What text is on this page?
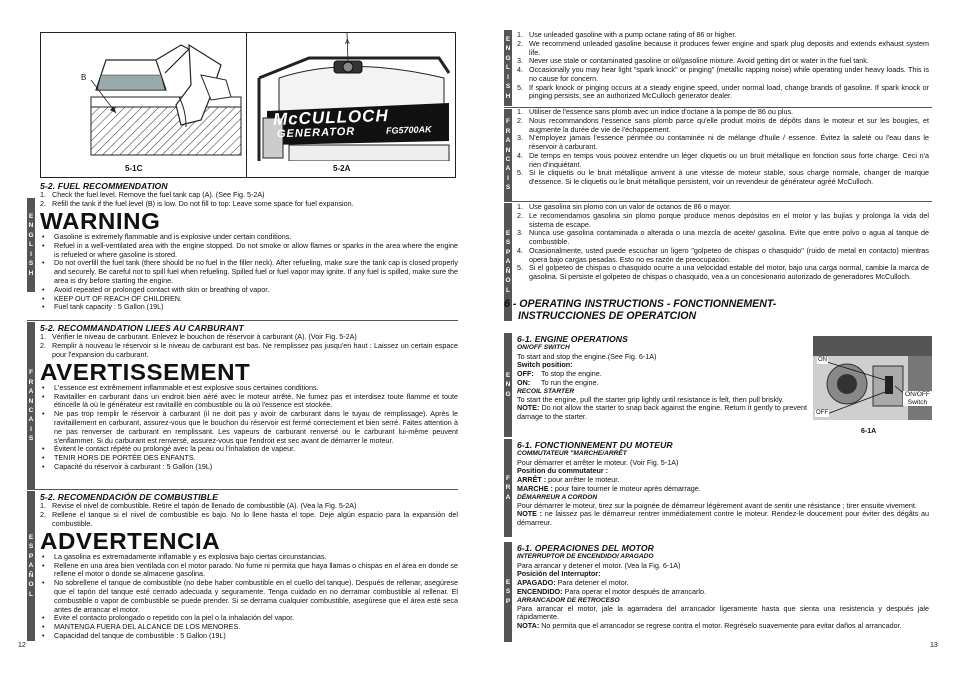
B
5-1C
A
McCULLOCH
GENERATOR	FG5700AK
5-2A
E
N
G
L
I
S
H
5-2. FUEL RECOMMENDATION
1. Check the fuel level. Remove the fuel tank cap (A). (See Fig. 5-2A)
2. Refill the tank if the fuel level (B) is low. Do not fill to top: Leave some space for fuel expansion.
WARNING
•	Gasoline is extremely flammable and is explosive under certain conditions.
•	Refuel in a well-ventilated area with the engine stopped. Do not smoke or allow flames or sparks in the area where the engine is refueled or where gasoline is stored.
•	Do not overfill the fuel tank (there should be no fuel in the filler neck). After refueling, make sure the tank cap is closed properly and securely. Be careful not to spill fuel when refueling. Spilled fuel or fuel vapor may ignite. If any fuel is spilled, make sure the area is dry before starting the engine.
•	Avoid repeated or prolonged contact with skin or breathing of vapor.
•	KEEP OUT OF REACH OF CHILDREN.
•	Fuel tank capacity : 5 Gallon (19L)
F
R
A
N
C
A
I
S
5-2. RECOMMANDATION LIEES AU CARBURANT
1. Vérifier le niveau de carburant. Enlevez le bouchon de réservoir à carburant (A). (Voir Fig. 5-2A)
2. Remplir à nouveau le réservoir si le niveau de carburant est bas. Ne remplissez pas jusqu'en haut : Laissez un certain espace pour l'expansion du carburant.
AVERTISSEMENT
•	L'essence est extrêmement inflammable et est explosive sous certaines conditions.
•	Ravitailler en carburant dans un endroit bien aéré avec le moteur arrêté. Ne fumez pas et interdisez toute flamme et toute étincelle là où le générateur est ravitaillé en combustible ou là où l'essence est stockée.
•	Ne pas trop remplir le réservoir à carburant (il ne doit pas y avoir de carburant dans le tuyau de remplissage). Après le ravitaillement en carburant, assurez-vous que le bouchon du réservoir est fermé correctement et bien serré. Faites attention à ne pas renverser de carburant en remplissant. Les vapeurs de carburant renversé ou le carburant lui-même peuvent s'enflammer. Si du carburant est renversé, assurez-vous que l'endroit est sec avant de démarrer le moteur.
•	Évitent le contact répété ou prolongé avec la peau ou l'inhalation de vapeur.
•	TENIR HORS DE PORTÉE DES ENFANTS.
•	Capacité du réservoir à carburant : 5 Gallon (19L)
E
S
P
A
Ñ
O
L
5-2. RECOMENDACIÓN DE COMBUSTIBLE
1. Revise el nivel de combustible. Retire el tapón de llenado de combustible (A). (Vea la Fig. 5-2A)
2. Rellene el tanque si el nivel de combustible es bajo. No lo llene hasta el tope. Deje algún espacio para la expansión del combustible.
ADVERTENCIA
•	La gasolina es extremadamente inflamable y es explosiva bajo ciertas circunstancias.
•	Rellene en una área bien ventilada con el motor parado. No fume ni permita que haya llamas o chispas en el área en donde se rellene el motor o donde se almacene gasolina.
•	No sobrellene el tanque de combustible (no debe haber combustible en el cuello del tanque). Después de rellenar, asegúrese que el tapón del tanque esté cerrado adecuada y seguramente. Tenga cuidado en no derramar combustible al rellenar. El combustible o vapor de combustible se puede prender. Si se derrama cualquier combustible, asegúrese que el área esté seca antes de arrancar el motor.
•	Evite el contacto prolongado o repetido con la piel o la inhalación del vapor.
•	MANTENGA FUERA DEL ALCANCE DE LOS MENORES.
•	Capacidad del tanque de combustible : 5 Gallon (19L)
12
E
N
G
L
I
S
H
1. Use unleaded gasoline with a pump octane rating of 86 or higher.
2. We recommend unleaded gasoline because it produces fewer engine and spark plug deposits and extends exhaust system life.
3. Never use stale or contaminated gasoline or oil/gasoline mixture. Avoid getting dirt or water in the fuel tank.
4. Occasionally you may hear light "spark knock" or pinging" (metallic rapping noise) while operating under heavy loads. This is no cause for concern.
5. If spark knock or pinging occurs at a steady engine speed, under normal load, change brands of gasoline. If spark knock or pinging persists, see an authorized McCulloch generator dealer.
F
R
A
N
C
A
I
S
1. Utiliser de l'essence sans plomb avec un indice d'octane à la pompe de 86 ou plus.
2. Nous recommandons l'essence sans plomb parce qu'elle produit moins de dépôts dans le moteur et sur les bougies, et augmente la durée de vie de l'échappement.
3. N'employez jamais l'essence périmée ou contaminée ni de mélange d'huile / essence. Évitez la saleté ou l'eau dans le réservoir à carburant.
4. De temps en temps vous pouvez entendre un léger cliquetis ou un bruit métallique en fonction sous forte charge. Ceci n'a rien d'inquiétant.
5. Si le cliquetis ou le bruit métallique arrivent à une vitesse de moteur stable, sous charge normale, changer de marque d'essence. Si le cliquetis ou le bruit métallique persistent, voir un revendeur de générateur agréé McCulloch.
E
S
P
A
Ñ
O
L
1. Use gasolina sin plomo con un valor de octanos de 86 o mayor.
2. Le recomendamos gasolina sin plomo porque produce menos depósitos en el motor y las bujías y prolonga la vida del sistema de escape.
3. Nunca use gasolina contaminada o alterada o una mezcla de aceite/ gasolina. Evite que entre polvo o agua al tanque de combustible.
4. Ocasionalmente, usted puede escuchar un ligero "golpeteo de chispas o chasquido" (ruido de metal en contacto) mientras opera bajo cargas pesadas. Esto no es razón de preocupación.
5. Si el golpeteo de chispas o chasquido ocurre a una velocidad estable del motor, bajo una carga normal, cambie la marca de gasolina. Si persiste el golpeteo de chispas o chasquido, vea a un concesionario autorizado de generadores McCulloch.
6 - OPERATING INSTRUCTIONS - FONCTIONNEMENT-
INSTRUCCIONES DE OPERATCION
E
N
G
6-1. ENGINE OPERATIONS
ON/OFF SWITCH
To start and stop the engine.(See Fig. 6-1A)
Switch position:
OFF: To stop the engine.
ON: To run the engine.
RECOIL STARTER
To start the engine, pull the starter grip lightly until resistance is felt, then pull briskly.
NOTE: Do not allow the starter to snap back against the engine. Return it gently to prevent damage to the starter.
ON
OFF
ON/OFF
Switch
6-1A
F
R
A
6-1. FONCTIONNEMENT DU MOTEUR
COMMUTATEUR "MARCHE/ARRÊT
Pour démarrer et arrêter le moteur. (Voir Fig. 5-1A)
Position du commutateur :
ARRÊT : pour arrêter le moteur.
MARCHE : pour faire tourner le moteur après démarrage.
DÉMARREUR A CORDON
Pour démarrer le moteur, tirez sur la poignée de démarreur légèrement avant de sentir une résistance ; tirer ensuite vivement.
NOTE : ne laissez pas le démarreur rentrer immédiatement contre le moteur. Rendez-le doucement pour éviter des dégâts au démarreur.
E
S
P
6-1. OPERACIONES DEL MOTOR
INTERRUPTOR DE ENCENDIDO/ APAGADO
Para arrancar y detener el motor. (Vea la Fig. 6-1A)
Posición del Interruptor:
APAGADO: Para detener el motor.
ENCENDIDO: Para operar el motor después de arrancarlo.
ARRANCADOR DE RETROCESO
Para arrancar el motor, jale la agarradera del arrancador ligeramente hasta que sienta una resistencia y después jale rápidamente.
NOTA: No permita que el arrancador se regrese contra el motor. Regréselo suavemente para evitar daños al arrancador.
13
